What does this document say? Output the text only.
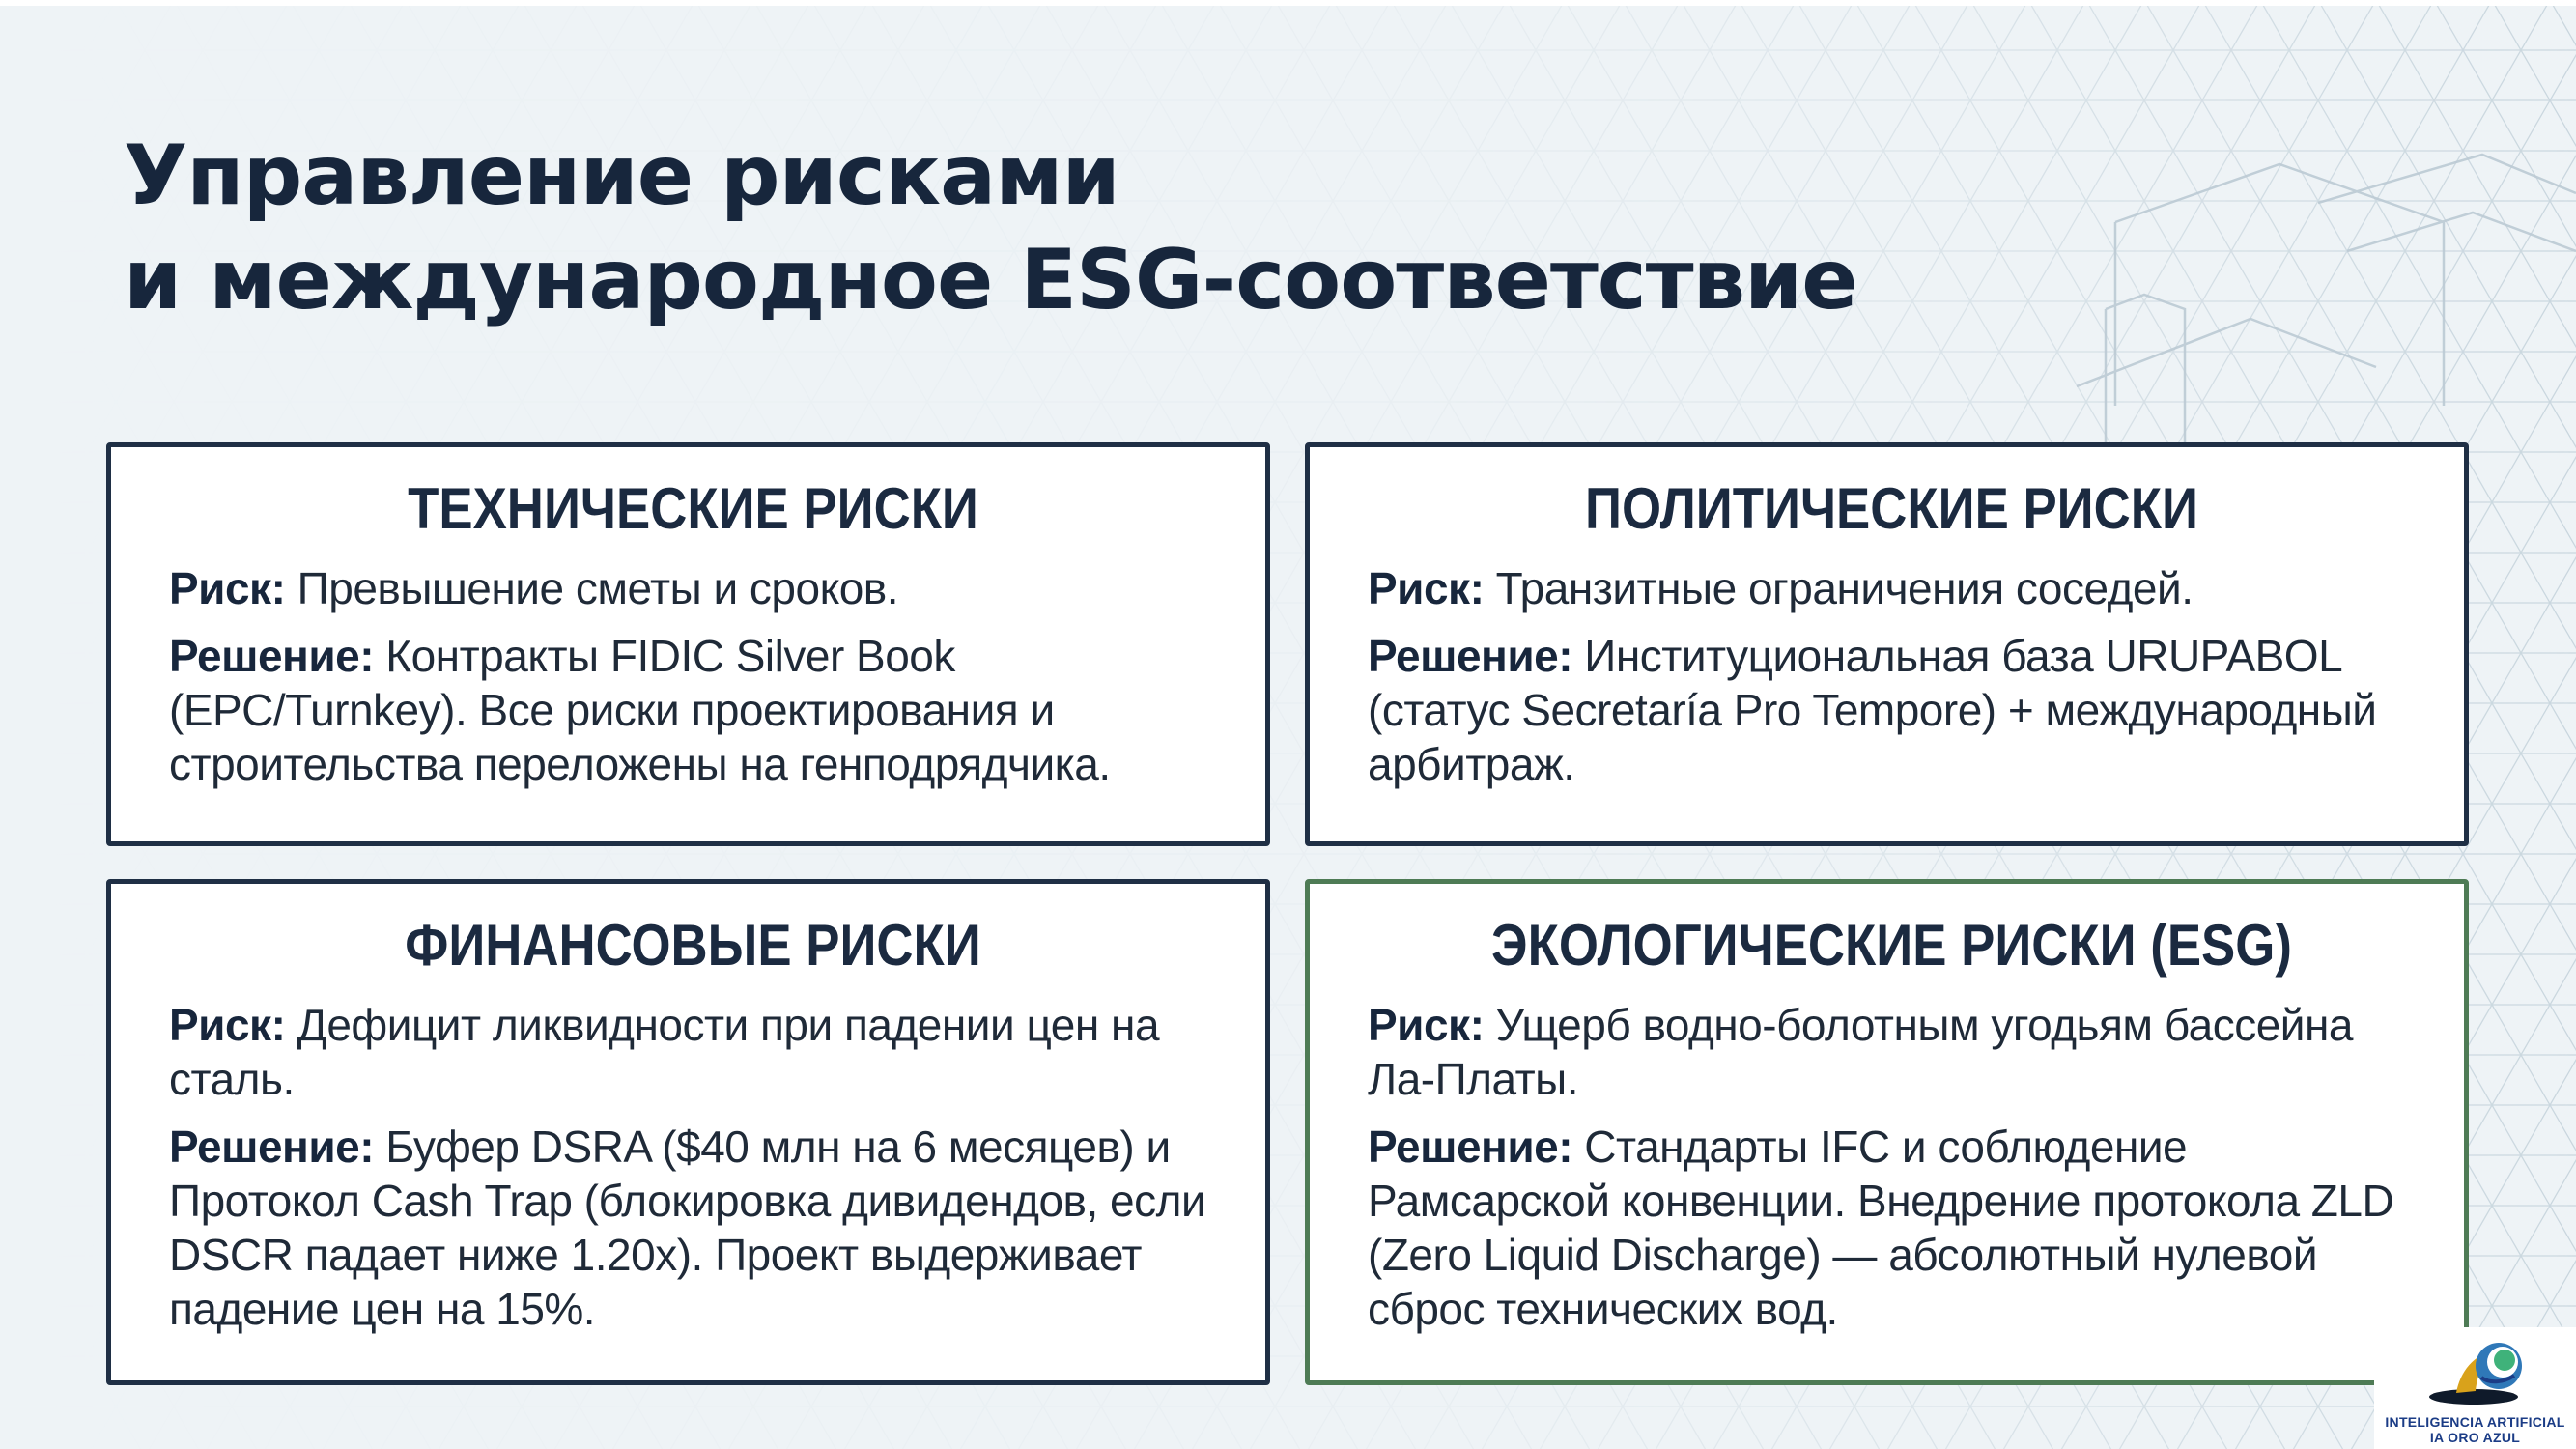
Управление рисками
и международное ESG-соответствие
ТЕХНИЧЕСКИЕ РИСКИ

Риск: Превышение сметы и сроков.

Решение: Контракты FIDIC Silver Book (EPC/Turnkey). Все риски проектирования и строительства переложены на генподрядчика.

ПОЛИТИЧЕСКИЕ РИСКИ

Риск: Транзитные ограничения соседей.

Решение: Институциональная база URUPABOL (статус Secretaría Pro Tempore) + международный арбитраж.

ФИНАНСОВЫЕ РИСКИ

Риск: Дефицит ликвидности при падении цен на сталь.

Решение: Буфер DSRA ($40 млн на 6 месяцев) и Протокол Cash Trap (блокировка дивидендов, если DSCR падает ниже 1.20x). Проект выдерживает падение цен на 15%.

ЭКОЛОГИЧЕСКИЕ РИСКИ (ESG)

Риск: Ущерб водно-болотным угодьям бассейна Ла-Платы.

Решение: Стандарты IFC и соблюдение Рамсарской конвенции. Внедрение протокола ZLD (Zero Liquid Discharge) — абсолютный нулевой сброс технических вод.

INTELIGENCIA ARTIFICIAL
IA ORO AZUL
